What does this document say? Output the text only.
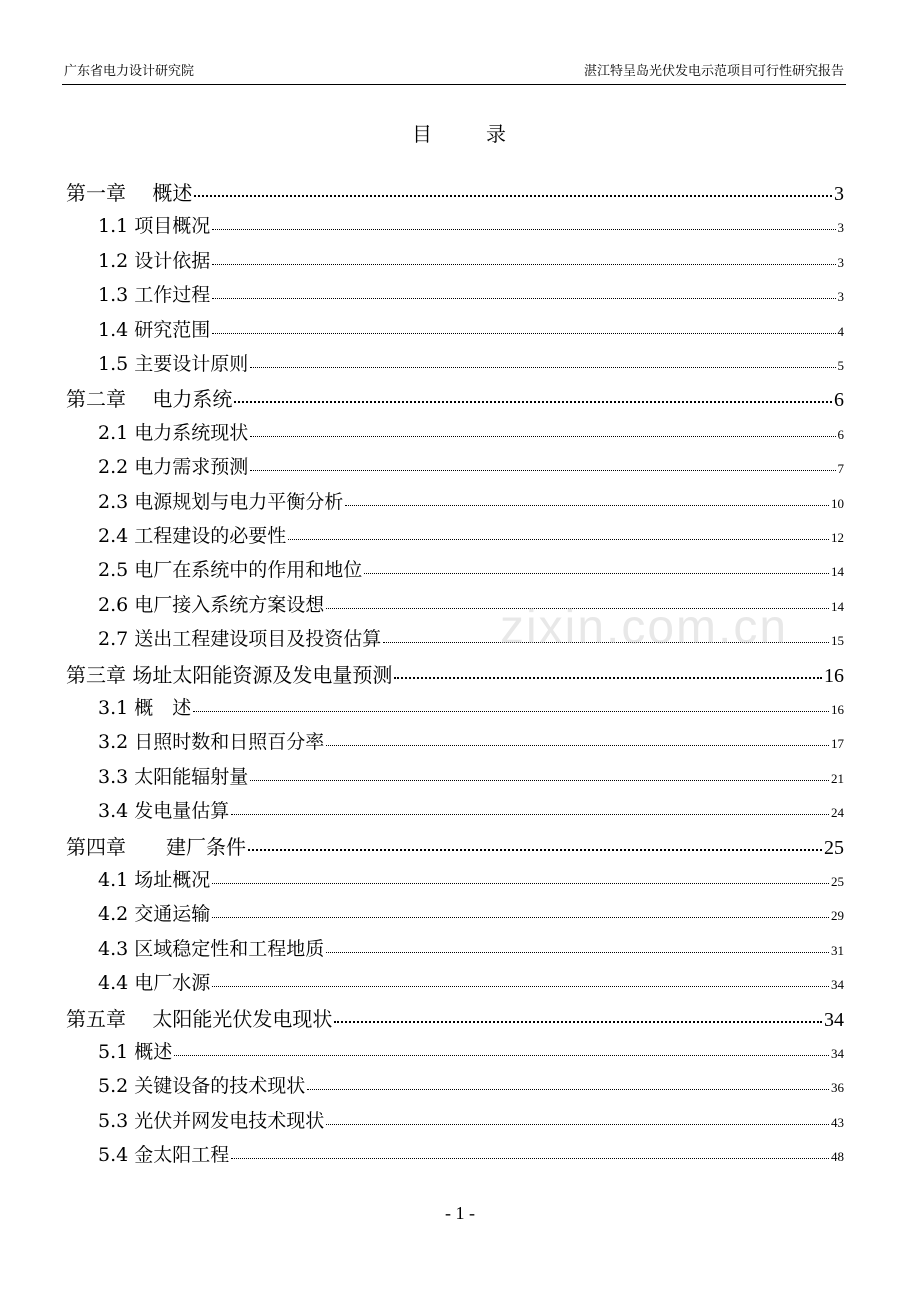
广东省电力设计研究院	湛江特呈岛光伏发电示范项目可行性研究报告
目	录
第一章　 概述	3
1.1 项目概况	3
1.2 设计依据	3
1.3 工作过程	3
1.4 研究范围	4
1.5 主要设计原则	5
第二章　 电力系统	6
2.1 电力系统现状	6
2.2 电力需求预测	7
2.3 电源规划与电力平衡分析	10
2.4 工程建设的必要性	12
2.5 电厂在系统中的作用和地位	14
2.6 电厂接入系统方案设想	14
2.7 送出工程建设项目及投资估算	15
第三章 场址太阳能资源及发电量预测	16
3.1 概　述	16
3.2 日照时数和日照百分率	17
3.3 太阳能辐射量	21
3.4 发电量估算	24
第四章　　建厂条件	25
4.1 场址概况	25
4.2 交通运输	29
4.3 区域稳定性和工程地质	31
4.4 电厂水源	34
第五章　 太阳能光伏发电现状	34
5.1 概述	34
5.2 关键设备的技术现状	36
5.3 光伏并网发电技术现状	43
5.4 金太阳工程	48
zixin.com.cn
- 1 -
